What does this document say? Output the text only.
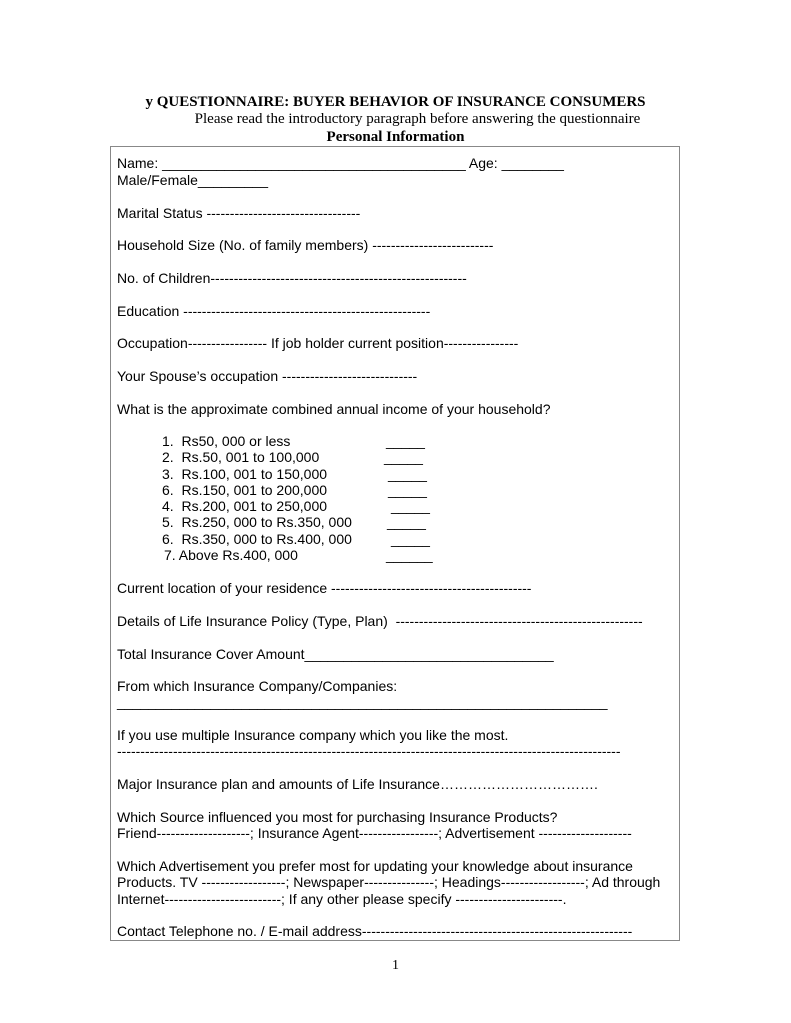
y QUESTIONNAIRE: BUYER BEHAVIOR OF INSURANCE CONSUMERS
Please read the introductory paragraph before answering the questionnaire
Personal Information
Name: _______________________________________ Age: ________
Male/Female_________
Marital Status ---------------------------------
Household Size (No. of family members) --------------------------
No. of Children-------------------------------------------------------
Education -----------------------------------------------------
Occupation----------------- If job holder current position----------------
Your Spouse’s occupation -----------------------------
What is the approximate combined annual income of your household?
1.  Rs50, 000 or less	_____
2.  Rs.50, 001 to 100,000	_____
3.  Rs.100, 001 to 150,000	_____
6.  Rs.150, 001 to 200,000	_____
4.  Rs.200, 001 to 250,000	_____
5.  Rs.250, 000 to Rs.350, 000	_____
6.  Rs.350, 000 to Rs.400, 000	_____
7. Above Rs.400, 000	______
Current location of your residence -------------------------------------------
Details of Life Insurance Policy (Type, Plan)  -----------------------------------------------------
Total Insurance Cover Amount________________________________
From which Insurance Company/Companies:
_______________________________________________________________
If you use multiple Insurance company which you like the most.
------------------------------------------------------------------------------------------------------------
Major Insurance plan and amounts of Life Insurance…………………………….
Which Source influenced you most for purchasing Insurance Products?
Friend--------------------; Insurance Agent-----------------; Advertisement --------------------
Which Advertisement you prefer most for updating your knowledge about insurance
Products. TV ------------------; Newspaper---------------; Headings------------------; Ad through
Internet-------------------------; If any other please specify -----------------------.
Contact Telephone no. / E-mail address----------------------------------------------------------
1
